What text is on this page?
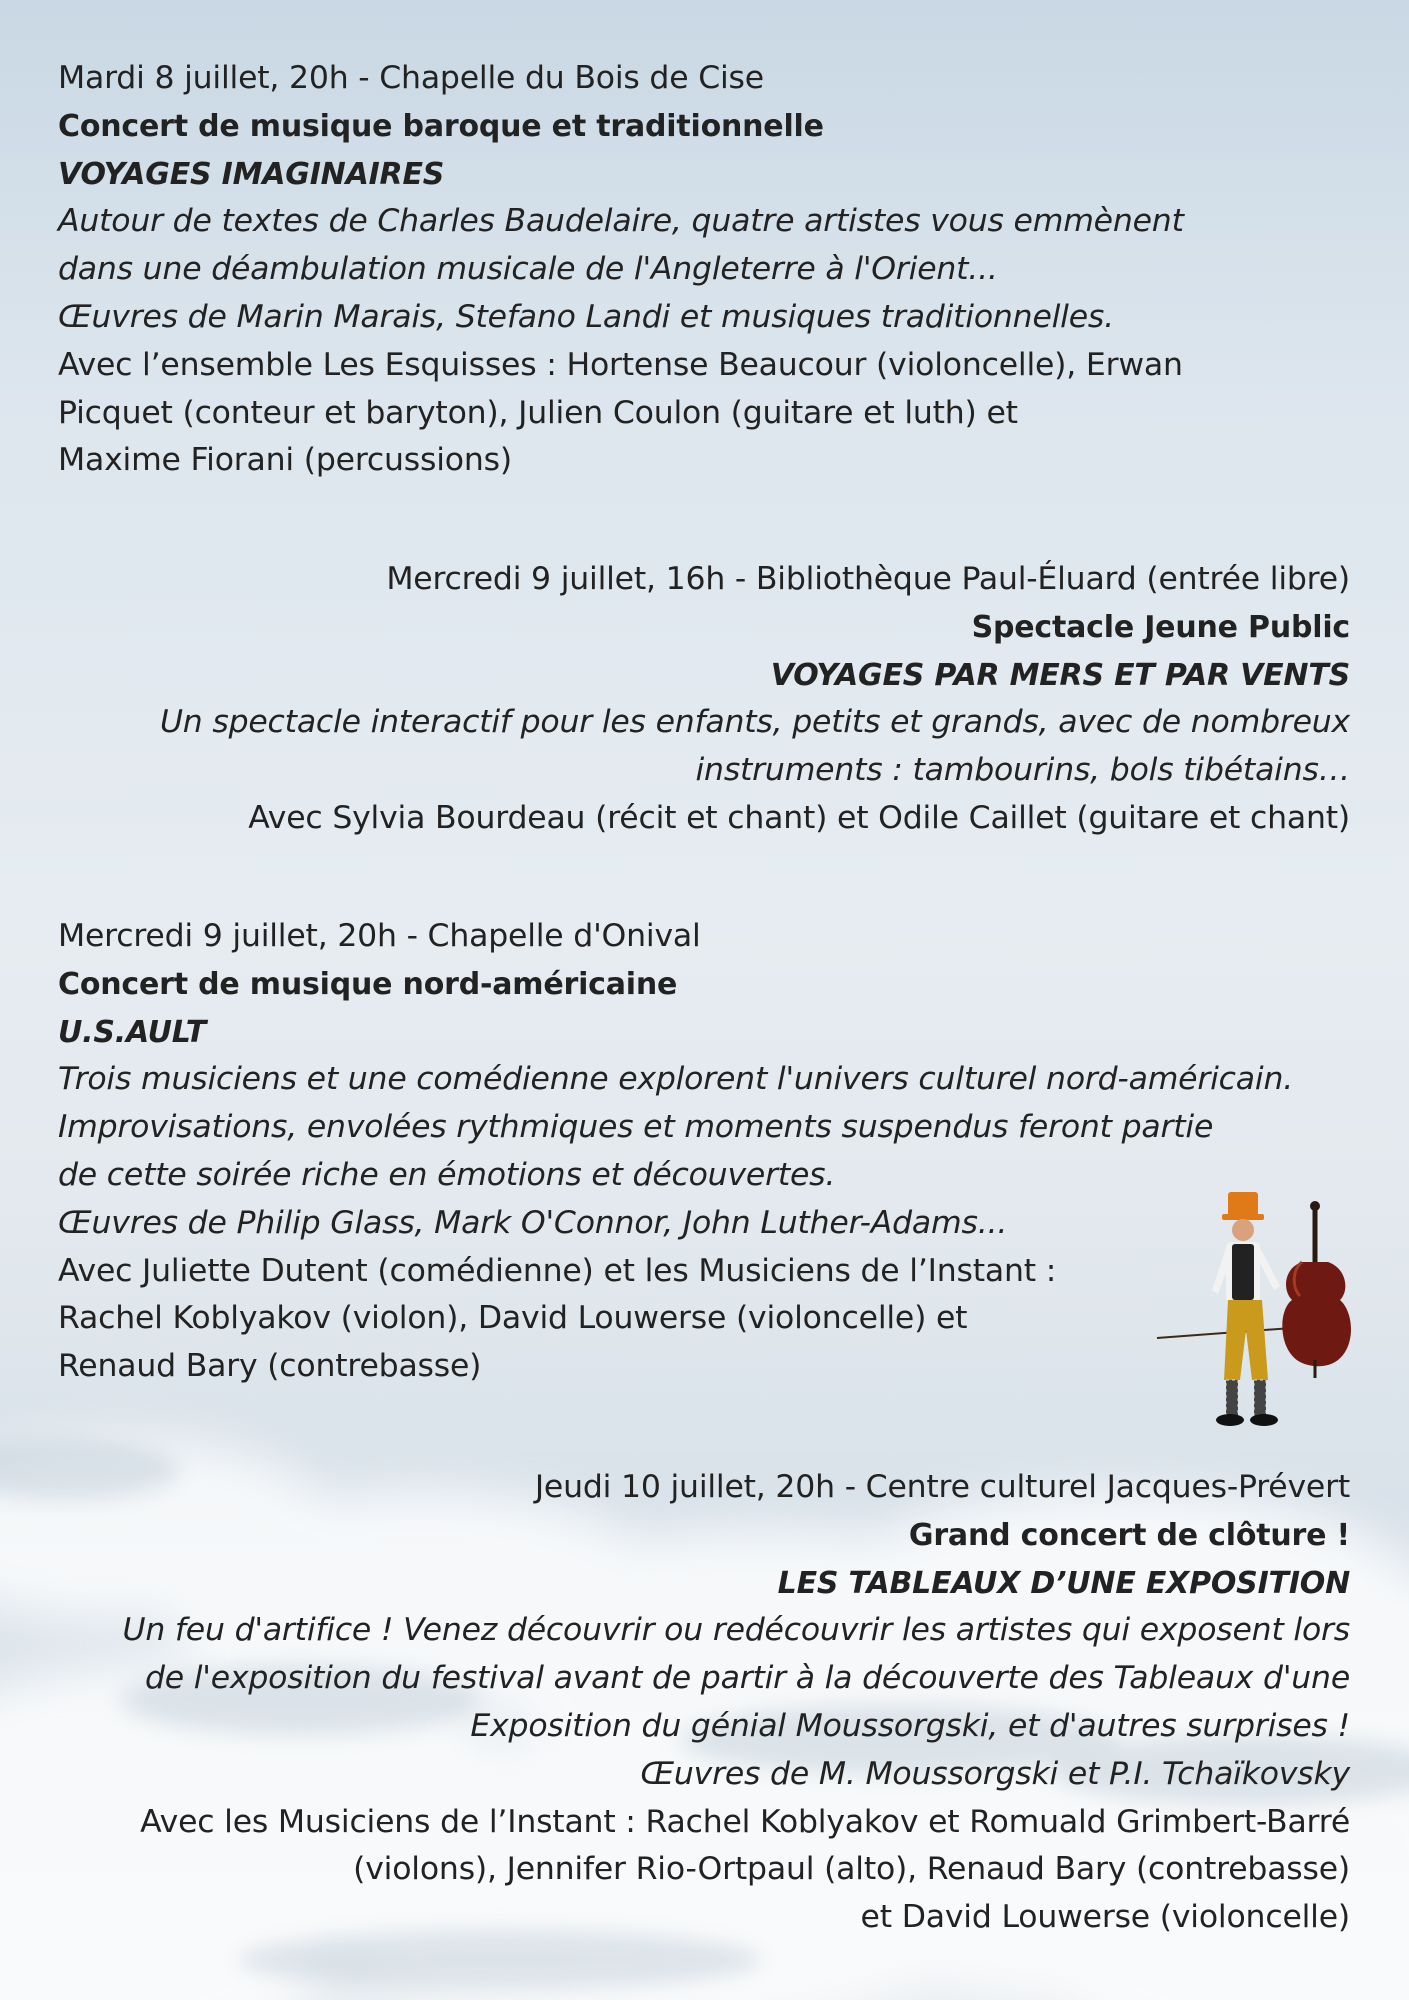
Mardi 8 juillet, 20h - Chapelle du Bois de Cise

Concert de musique baroque et traditionnelle

VOYAGES IMAGINAIRES

Autour de textes de Charles Baudelaire, quatre artistes vous emmènent

dans une déambulation musicale de l'Angleterre à l'Orient...

Œuvres de Marin Marais, Stefano Landi et musiques traditionnelles.

Avec l’ensemble Les Esquisses : Hortense Beaucour (violoncelle), Erwan

Picquet (conteur et baryton), Julien Coulon (guitare et luth) et

Maxime Fiorani (percussions)

Mercredi 9 juillet, 16h - Bibliothèque Paul-Éluard (entrée libre)

Spectacle Jeune Public

VOYAGES PAR MERS ET PAR VENTS

Un spectacle interactif pour les enfants, petits et grands, avec de nombreux

instruments : tambourins, bols tibétains…

Avec Sylvia Bourdeau (récit et chant) et Odile Caillet (guitare et chant)

Mercredi 9 juillet, 20h - Chapelle d'Onival

Concert de musique nord-américaine

U.S.AULT

Trois musiciens et une comédienne explorent l'univers culturel nord-américain.

Improvisations, envolées rythmiques et moments suspendus feront partie

de cette soirée riche en émotions et découvertes.

Œuvres de Philip Glass, Mark O'Connor, John Luther-Adams...

Avec Juliette Dutent (comédienne) et les Musiciens de l’Instant :

Rachel Koblyakov (violon), David Louwerse (violoncelle) et

Renaud Bary (contrebasse)

Jeudi 10 juillet, 20h - Centre culturel Jacques-Prévert

Grand concert de clôture !

LES TABLEAUX D’UNE EXPOSITION

Un feu d'artifice ! Venez découvrir ou redécouvrir les artistes qui exposent lors

de l'exposition du festival avant de partir à la découverte des Tableaux d'une

Exposition du génial Moussorgski, et d'autres surprises !

Œuvres de M. Moussorgski et P.I. Tchaïkovsky

Avec les Musiciens de l’Instant : Rachel Koblyakov et Romuald Grimbert-Barré

(violons), Jennifer Rio-Ortpaul (alto), Renaud Bary (contrebasse)

et David Louwerse (violoncelle)
